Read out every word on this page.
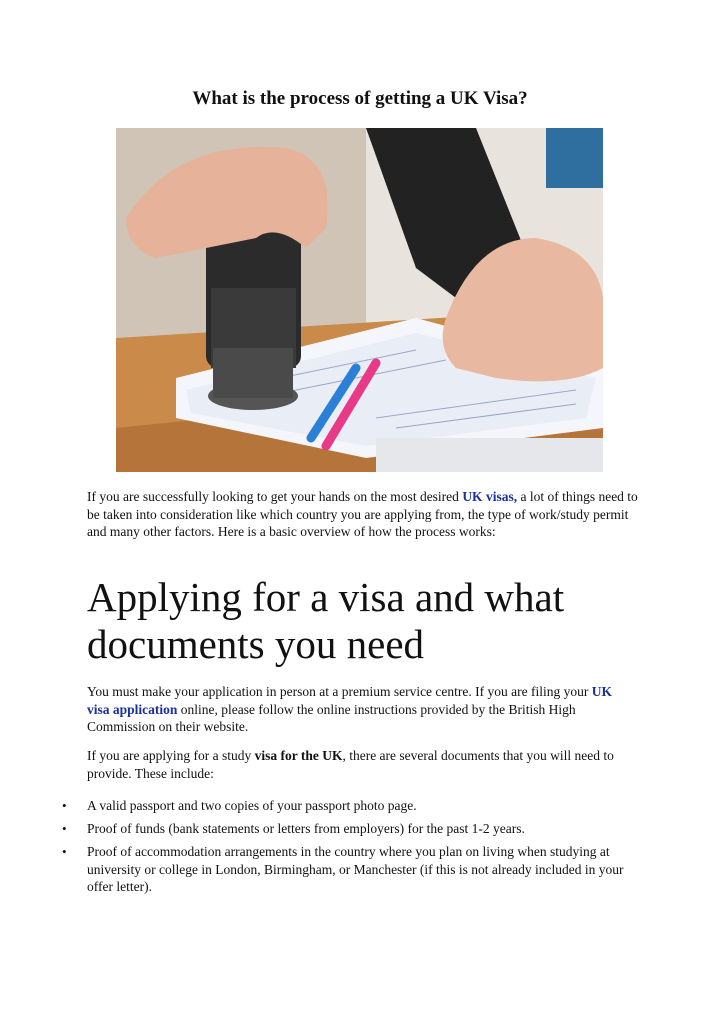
What is the process of getting a UK Visa?

If you are successfully looking to get your hands on the most desired UK visas, a lot of things need to be taken into consideration like which country you are applying from, the type of work/study permit and many other factors. Here is a basic overview of how the process works:

Applying for a visa and what documents you need

You must make your application in person at a premium service centre. If you are filing your UK visa application online, please follow the online instructions provided by the British High Commission on their website.

If you are applying for a study visa for the UK, there are several documents that you will need to provide. These include:

• A valid passport and two copies of your passport photo page.
• Proof of funds (bank statements or letters from employers) for the past 1-2 years.
• Proof of accommodation arrangements in the country where you plan on living when studying at university or college in London, Birmingham, or Manchester (if this is not already included in your offer letter).
